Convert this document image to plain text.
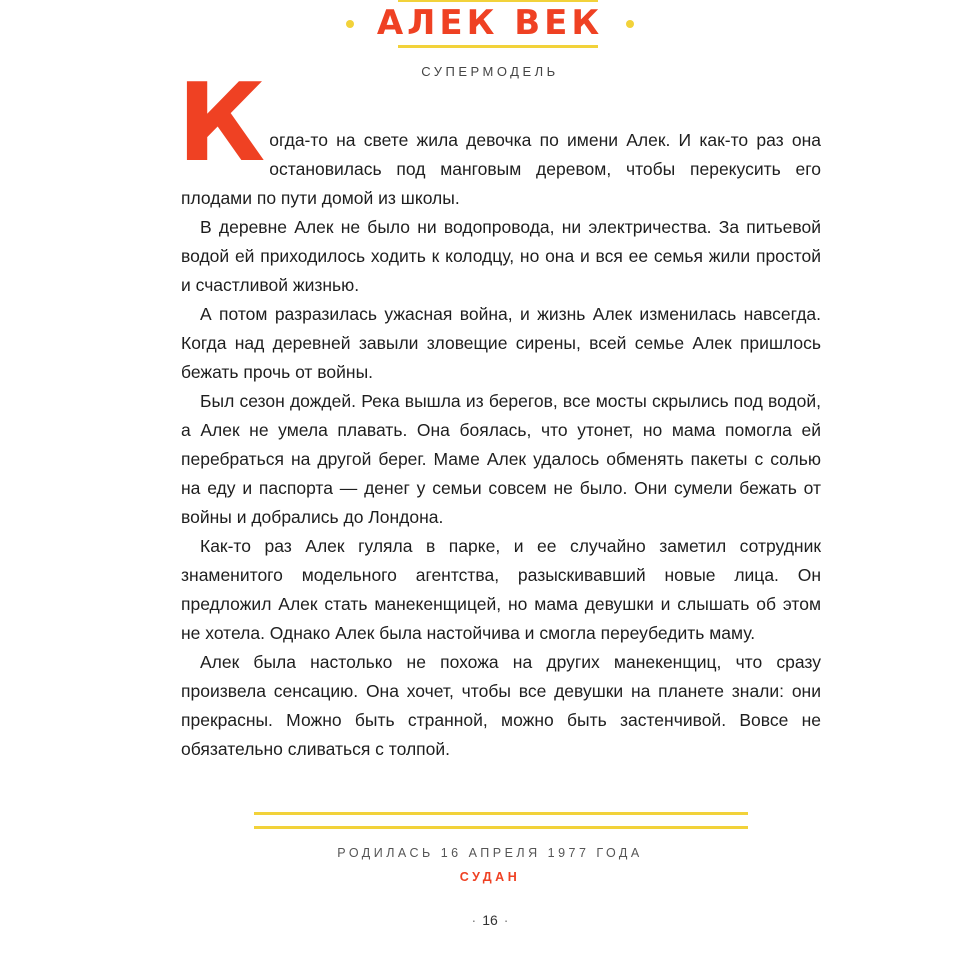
АЛЕК ВЕК
СУПЕРМОДЕЛЬ

Когда-то на свете жила девочка по имени Алек. И как-то раз она остановилась под манговым деревом, чтобы перекусить его плодами по пути домой из школы.

В деревне Алек не было ни водопровода, ни электричества. За питьевой водой ей приходилось ходить к колодцу, но она и вся ее семья жили простой и счастливой жизнью.

А потом разразилась ужасная война, и жизнь Алек изменилась навсегда. Когда над деревней завыли зловещие сирены, всей семье Алек пришлось бежать прочь от войны.

Был сезон дождей. Река вышла из берегов, все мосты скрылись под водой, а Алек не умела плавать. Она боялась, что утонет, но мама помогла ей перебраться на другой берег. Маме Алек удалось обменять пакеты с солью на еду и паспорта — денег у семьи совсем не было. Они сумели бежать от войны и добрались до Лондона.

Как-то раз Алек гуляла в парке, и ее случайно заметил сотрудник знаменитого модельного агентства, разыскивавший новые лица. Он предложил Алек стать манекенщицей, но мама девушки и слышать об этом не хотела. Однако Алек была настойчива и смогла переубедить маму.

Алек была настолько не похожа на других манекенщиц, что сразу произвела сенсацию. Она хочет, чтобы все девушки на планете знали: они прекрасны. Можно быть странной, можно быть застенчивой. Вовсе не обязательно сливаться с толпой.

РОДИЛАСЬ 16 АПРЕЛЯ 1977 ГОДА
СУДАН
· 16 ·
